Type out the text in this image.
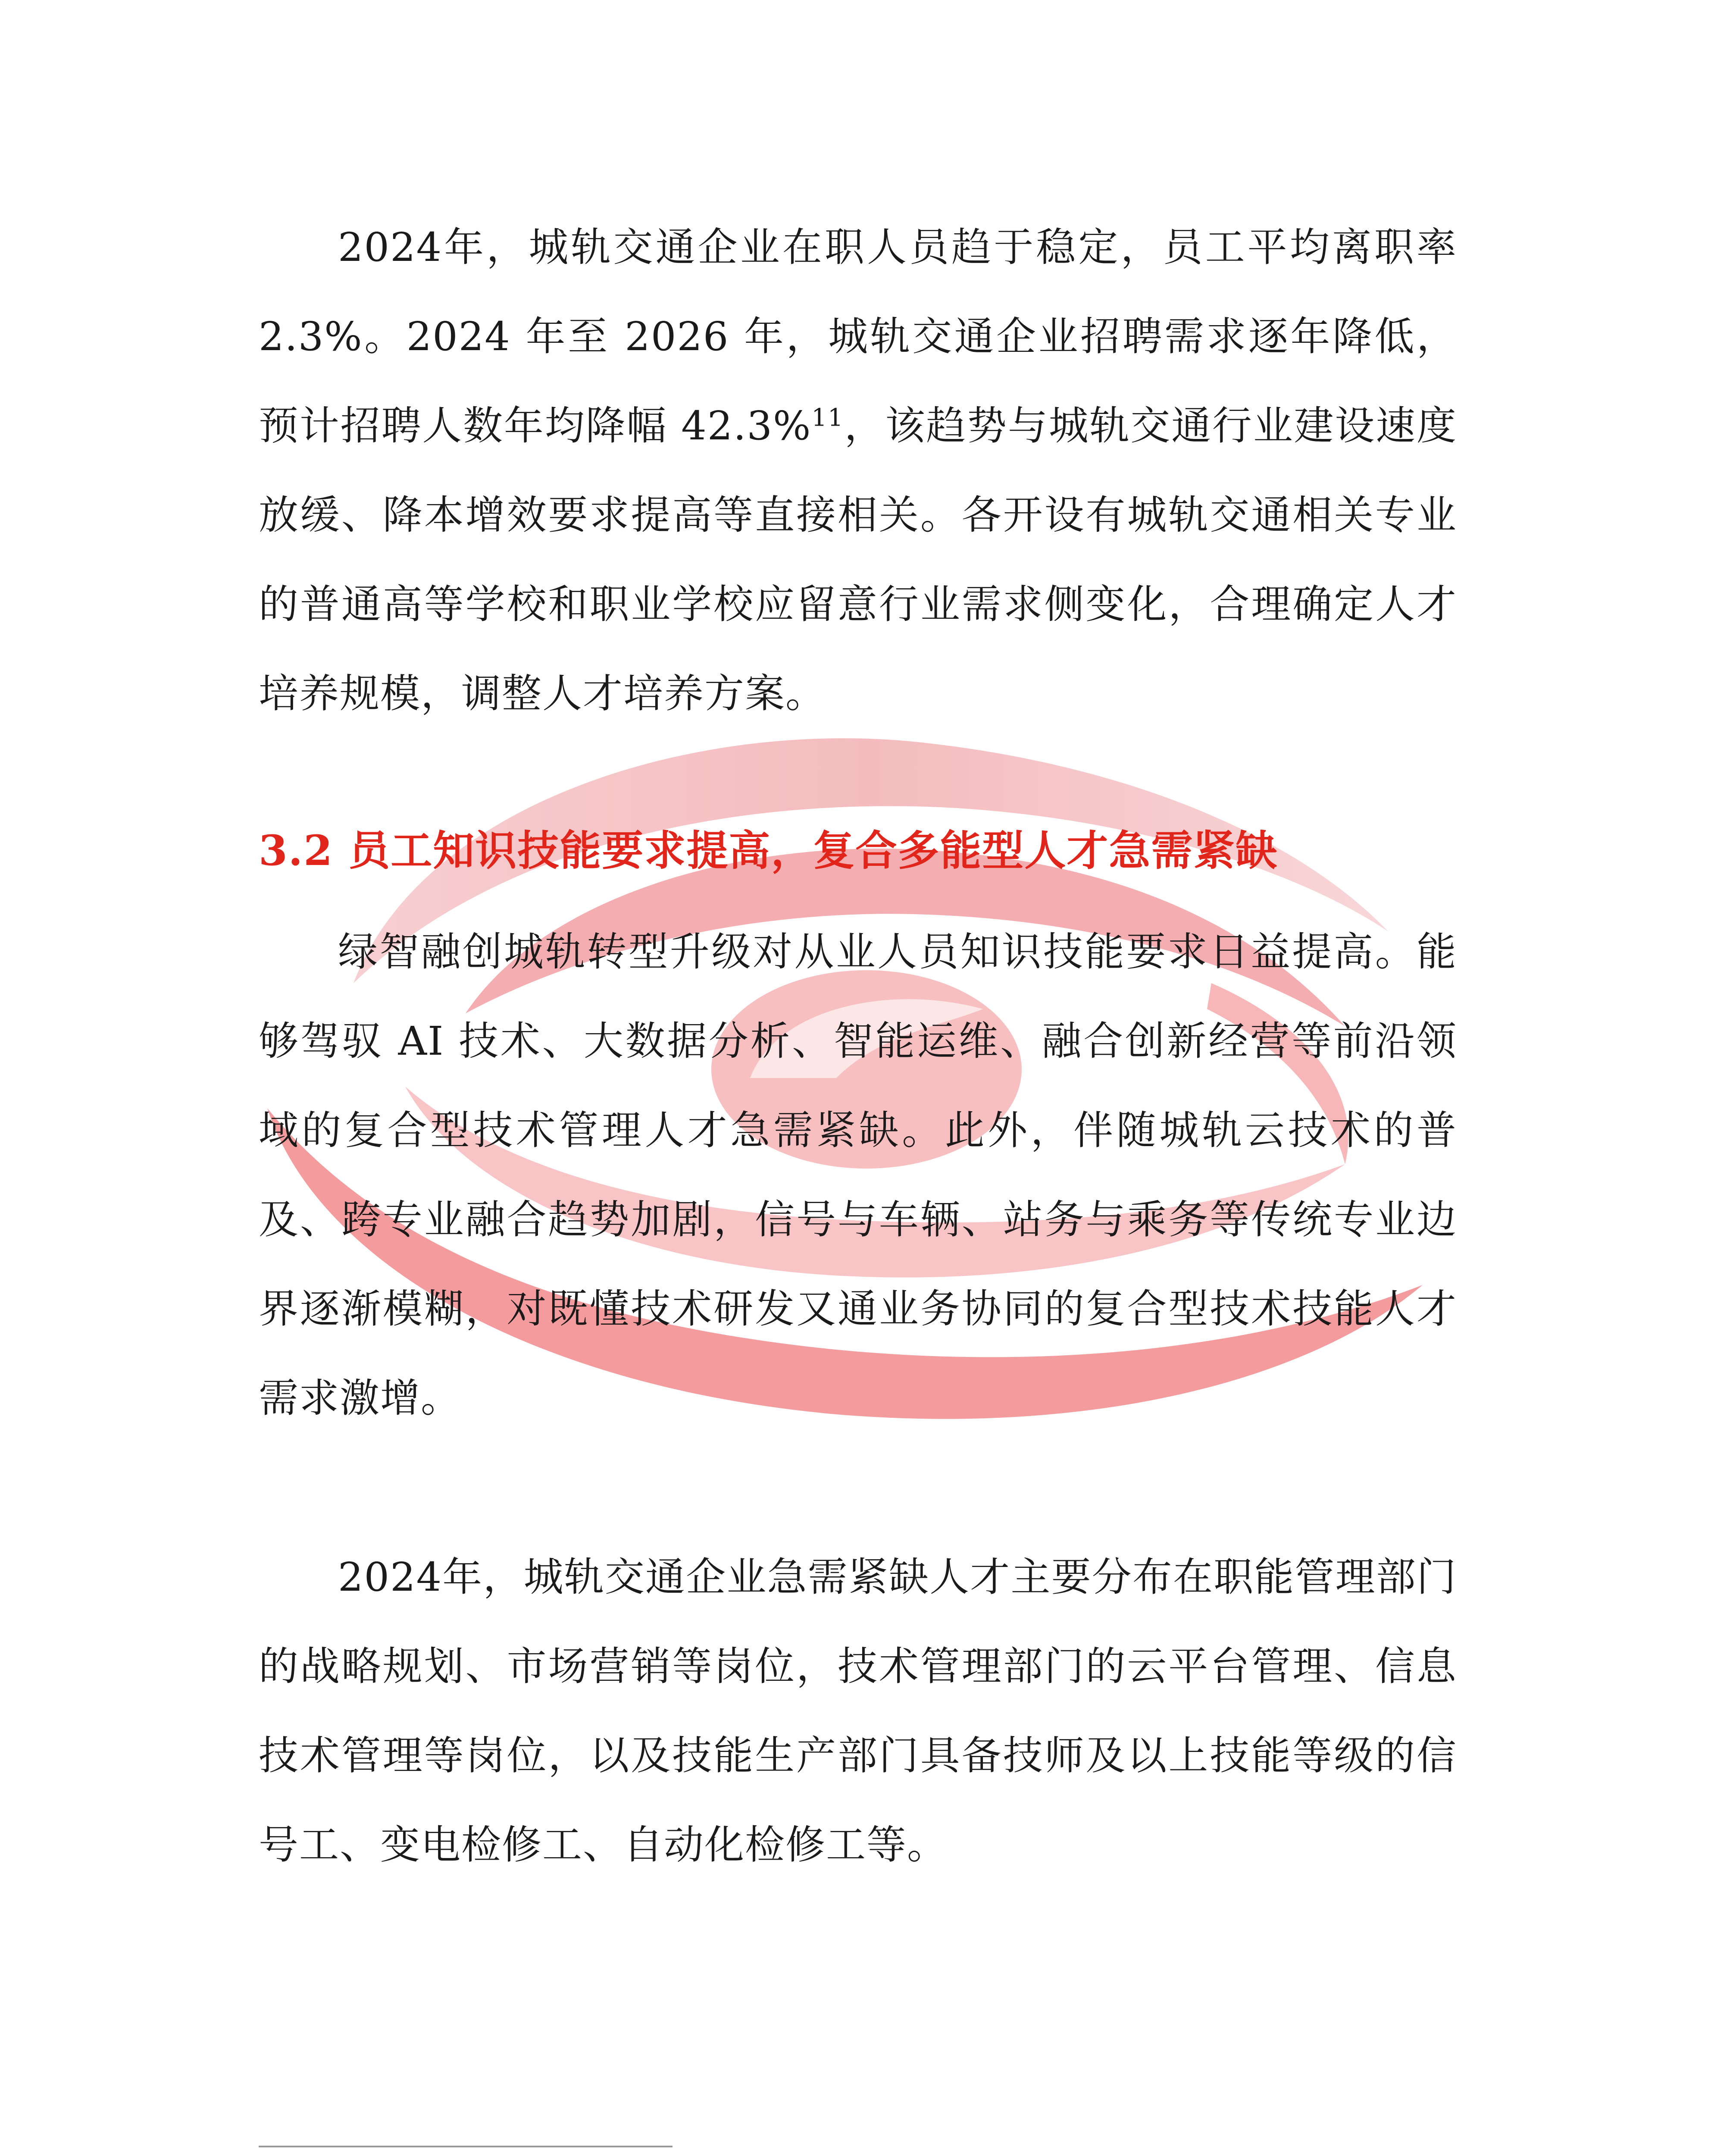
2024年，城轨交通企业在职人员趋于稳定，员工平均离职率 2.3%。2024 年至 2026 年，城轨交通企业招聘需求逐年降低，预计招聘人数年均降幅 42.3%$^{11}$，该趋势与城轨交通行业建设速度放缓、降本增效要求提高等直接相关。各开设有城轨交通相关专业的普通高等学校和职业学校应留意行业需求侧变化，合理确定人才培养规模，调整人才培养方案。

3.2 员工知识技能要求提高，复合多能型人才急需紧缺

绿智融创城轨转型升级对从业人员知识技能要求日益提高。能够驾驭 AI 技术、大数据分析、智能运维、融合创新经营等前沿领域的复合型技术管理人才急需紧缺。此外，伴随城轨云技术的普及、跨专业融合趋势加剧，信号与车辆、站务与乘务等传统专业边界逐渐模糊，对既懂技术研发又通业务协同的复合型技术技能人才需求激增。

2024年，城轨交通企业急需紧缺人才主要分布在职能管理部门的战略规划、市场营销等岗位，技术管理部门的云平台管理、信息技术管理等岗位，以及技能生产部门具备技师及以上技能等级的信号工、变电检修工、自动化检修工等。
